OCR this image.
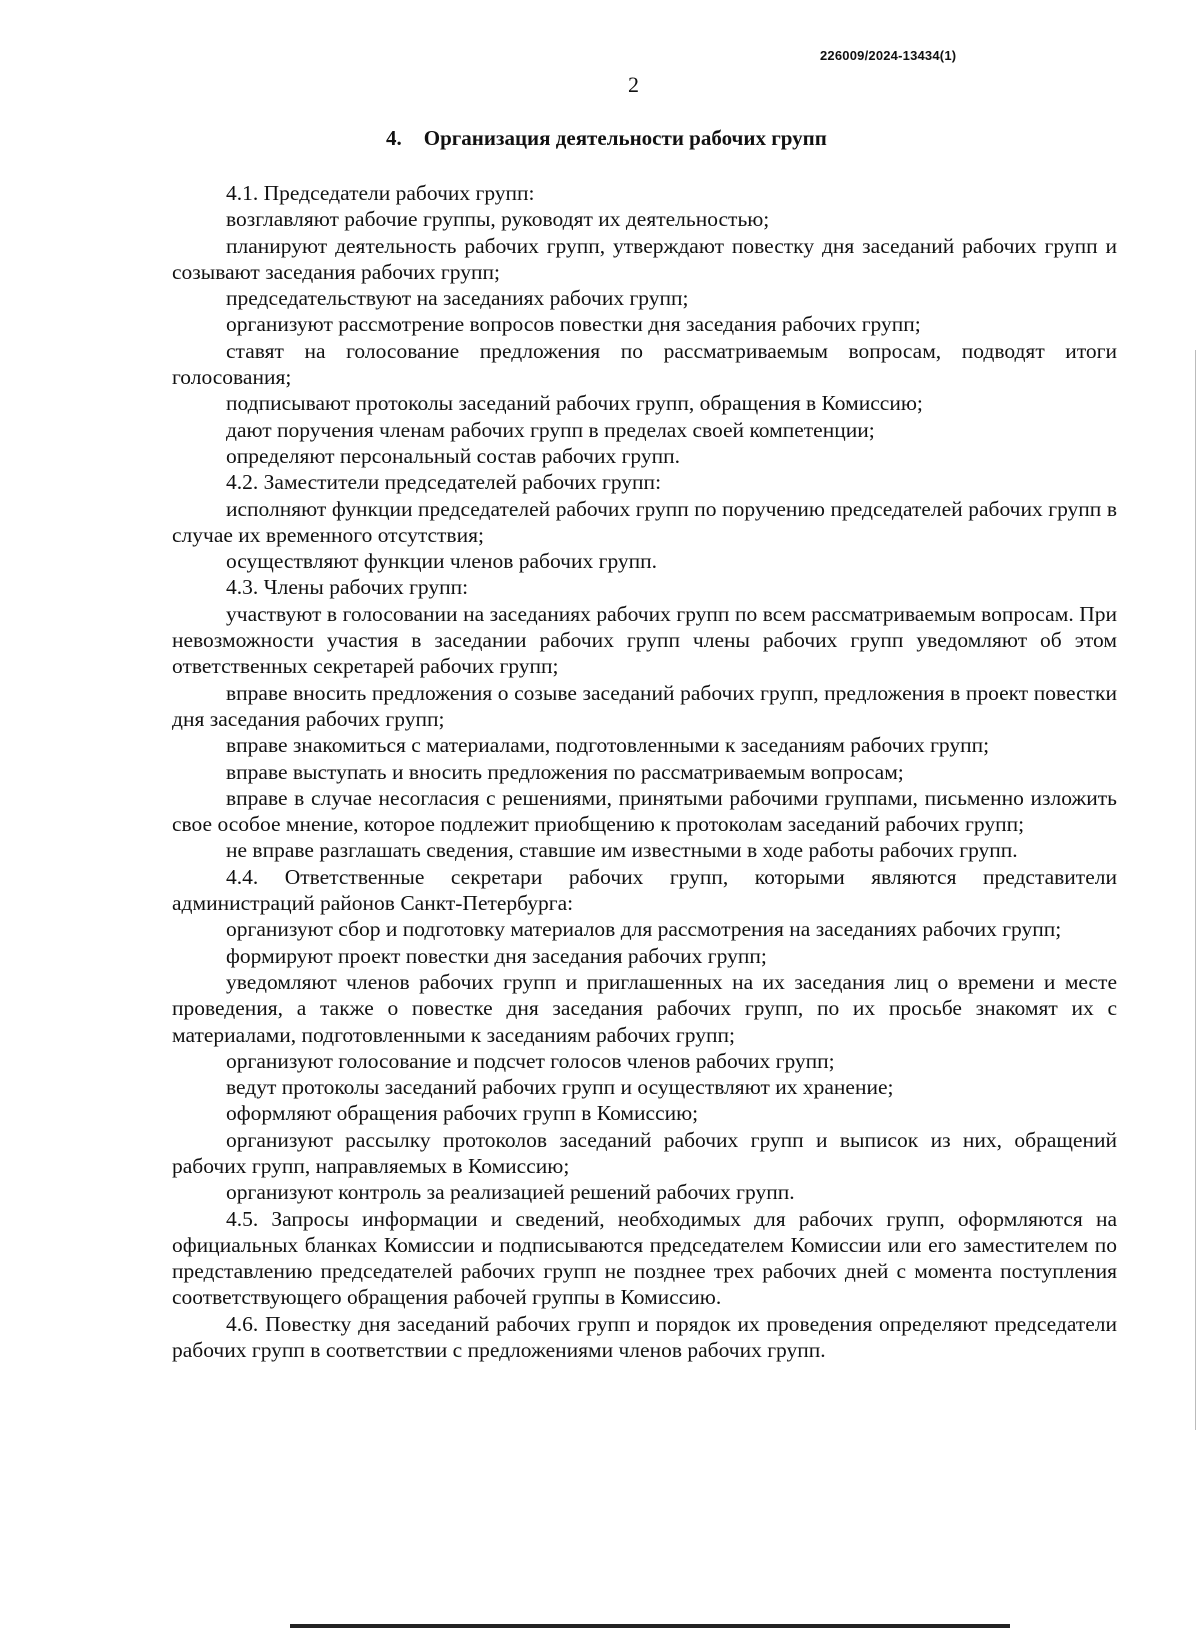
226009/2024-13434(1)
2
4. Организация деятельности рабочих групп

4.1. Председатели рабочих групп:

возглавляют рабочие группы, руководят их деятельностью;

планируют деятельность рабочих групп, утверждают повестку дня заседаний рабочих групп и созывают заседания рабочих групп;

председательствуют на заседаниях рабочих групп;

организуют рассмотрение вопросов повестки дня заседания рабочих групп;

ставят на голосование предложения по рассматриваемым вопросам, подводят итоги голосования;

подписывают протоколы заседаний рабочих групп, обращения в Комиссию;

дают поручения членам рабочих групп в пределах своей компетенции;

определяют персональный состав рабочих групп.

4.2. Заместители председателей рабочих групп:

исполняют функции председателей рабочих групп по поручению председателей рабочих групп в случае их временного отсутствия;

осуществляют функции членов рабочих групп.

4.3. Члены рабочих групп:

участвуют в голосовании на заседаниях рабочих групп по всем рассматриваемым вопросам. При невозможности участия в заседании рабочих групп члены рабочих групп уведомляют об этом ответственных секретарей рабочих групп;

вправе вносить предложения о созыве заседаний рабочих групп, предложения в проект повестки дня заседания рабочих групп;

вправе знакомиться с материалами, подготовленными к заседаниям рабочих групп;

вправе выступать и вносить предложения по рассматриваемым вопросам;

вправе в случае несогласия с решениями, принятыми рабочими группами, письменно изложить свое особое мнение, которое подлежит приобщению к протоколам заседаний рабочих групп;

не вправе разглашать сведения, ставшие им известными в ходе работы рабочих групп.

4.4. Ответственные секретари рабочих групп, которыми являются представители администраций районов Санкт-Петербурга:

организуют сбор и подготовку материалов для рассмотрения на заседаниях рабочих групп;

формируют проект повестки дня заседания рабочих групп;

уведомляют членов рабочих групп и приглашенных на их заседания лиц о времени и месте проведения, а также о повестке дня заседания рабочих групп, по их просьбе знакомят их с материалами, подготовленными к заседаниям рабочих групп;

организуют голосование и подсчет голосов членов рабочих групп;

ведут протоколы заседаний рабочих групп и осуществляют их хранение;

оформляют обращения рабочих групп в Комиссию;

организуют рассылку протоколов заседаний рабочих групп и выписок из них, обращений рабочих групп, направляемых в Комиссию;

организуют контроль за реализацией решений рабочих групп.

4.5. Запросы информации и сведений, необходимых для рабочих групп, оформляются на официальных бланках Комиссии и подписываются председателем Комиссии или его заместителем по представлению председателей рабочих групп не позднее трех рабочих дней с момента поступления соответствующего обращения рабочей группы в Комиссию.

4.6. Повестку дня заседаний рабочих групп и порядок их проведения определяют председатели рабочих групп в соответствии с предложениями членов рабочих групп.
